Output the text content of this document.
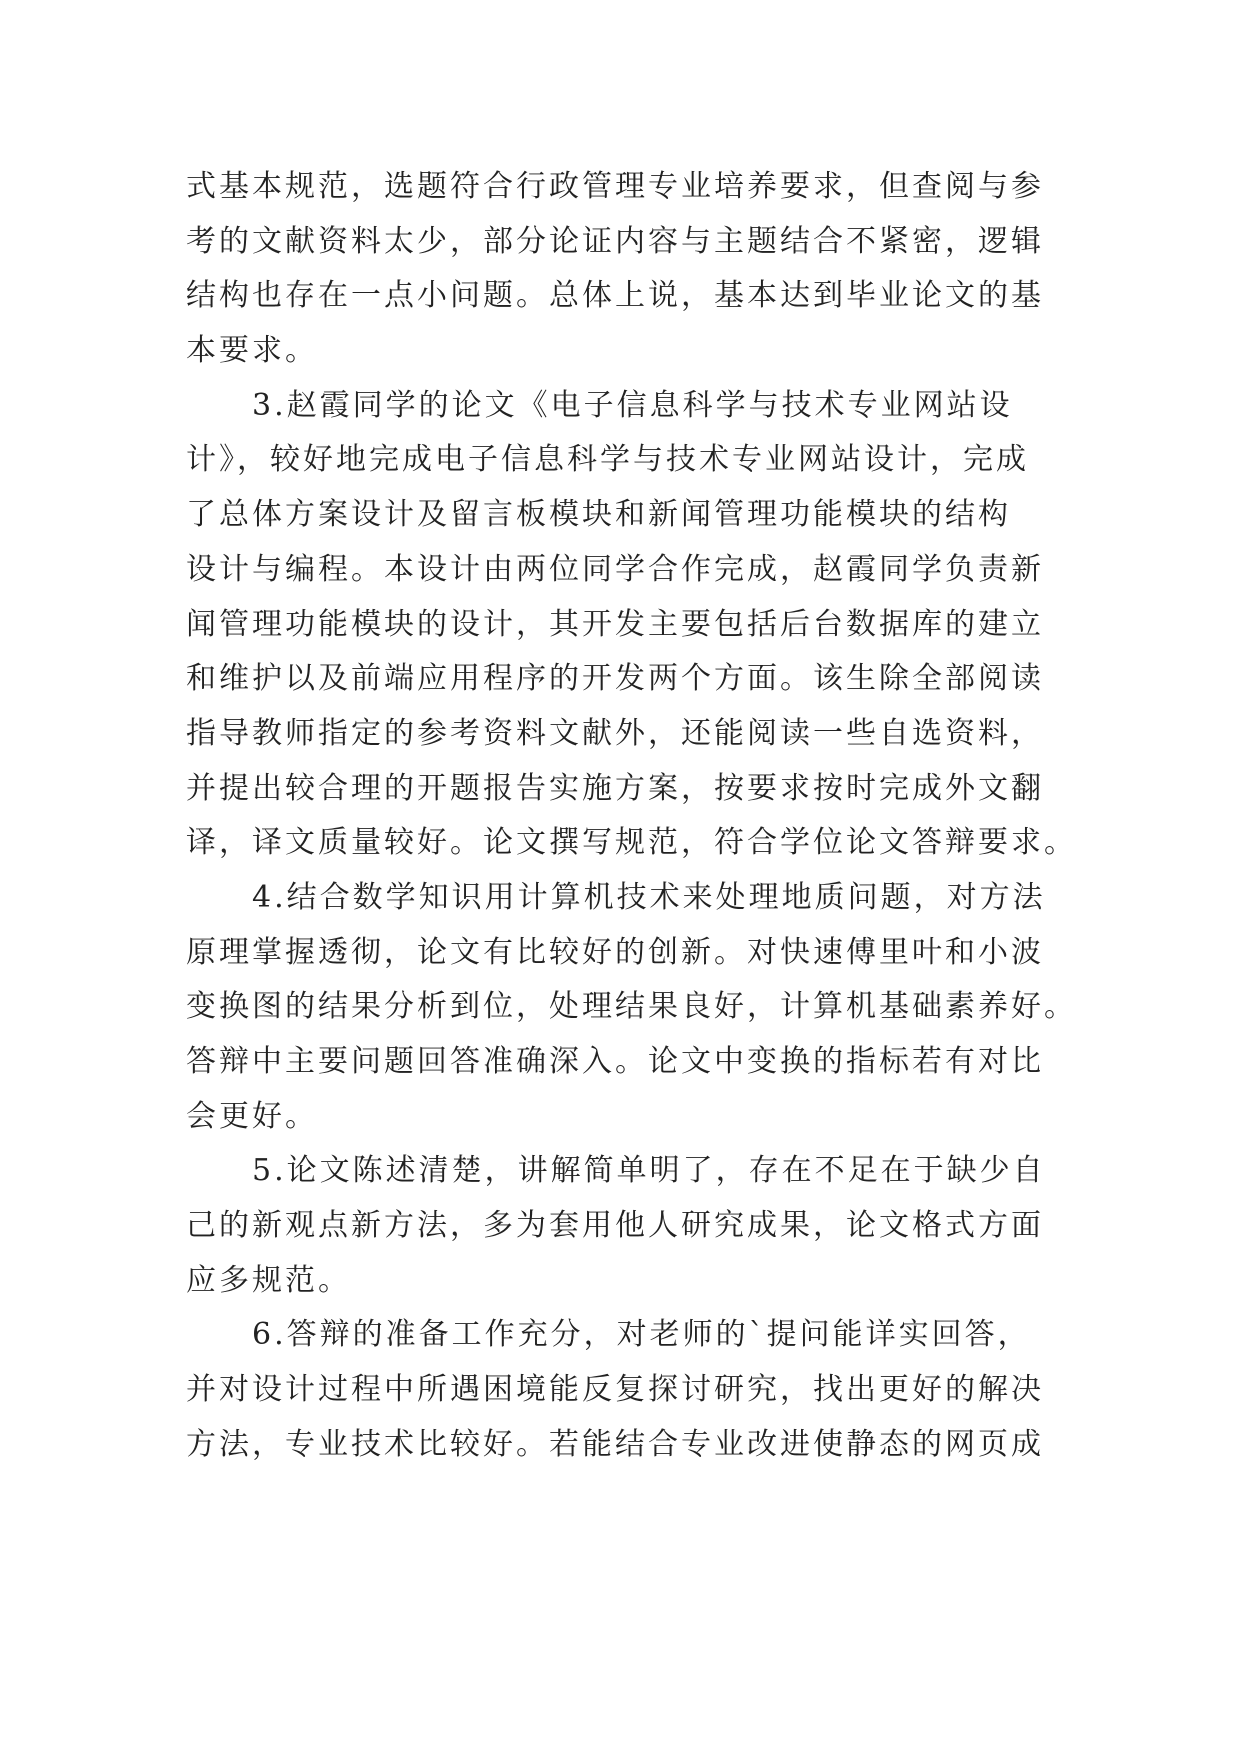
式基本规范，选题符合行政管理专业培养要求，但查阅与参
考的文献资料太少，部分论证内容与主题结合不紧密，逻辑
结构也存在一点小问题。总体上说，基本达到毕业论文的基
本要求。
3.赵霞同学的论文《电子信息科学与技术专业网站设
计》，较好地完成电子信息科学与技术专业网站设计，完成
了总体方案设计及留言板模块和新闻管理功能模块的结构
设计与编程。本设计由两位同学合作完成，赵霞同学负责新
闻管理功能模块的设计，其开发主要包括后台数据库的建立
和维护以及前端应用程序的开发两个方面。该生除全部阅读
指导教师指定的参考资料文献外，还能阅读一些自选资料，
并提出较合理的开题报告实施方案，按要求按时完成外文翻
译，译文质量较好。论文撰写规范，符合学位论文答辩要求。
4.结合数学知识用计算机技术来处理地质问题，对方法
原理掌握透彻，论文有比较好的创新。对快速傅里叶和小波
变换图的结果分析到位，处理结果良好，计算机基础素养好。
答辩中主要问题回答准确深入。论文中变换的指标若有对比
会更好。
5.论文陈述清楚，讲解简单明了，存在不足在于缺少自
己的新观点新方法，多为套用他人研究成果，论文格式方面
应多规范。
6.答辩的准备工作充分，对老师的`提问能详实回答，
并对设计过程中所遇困境能反复探讨研究，找出更好的解决
方法，专业技术比较好。若能结合专业改进使静态的网页成
